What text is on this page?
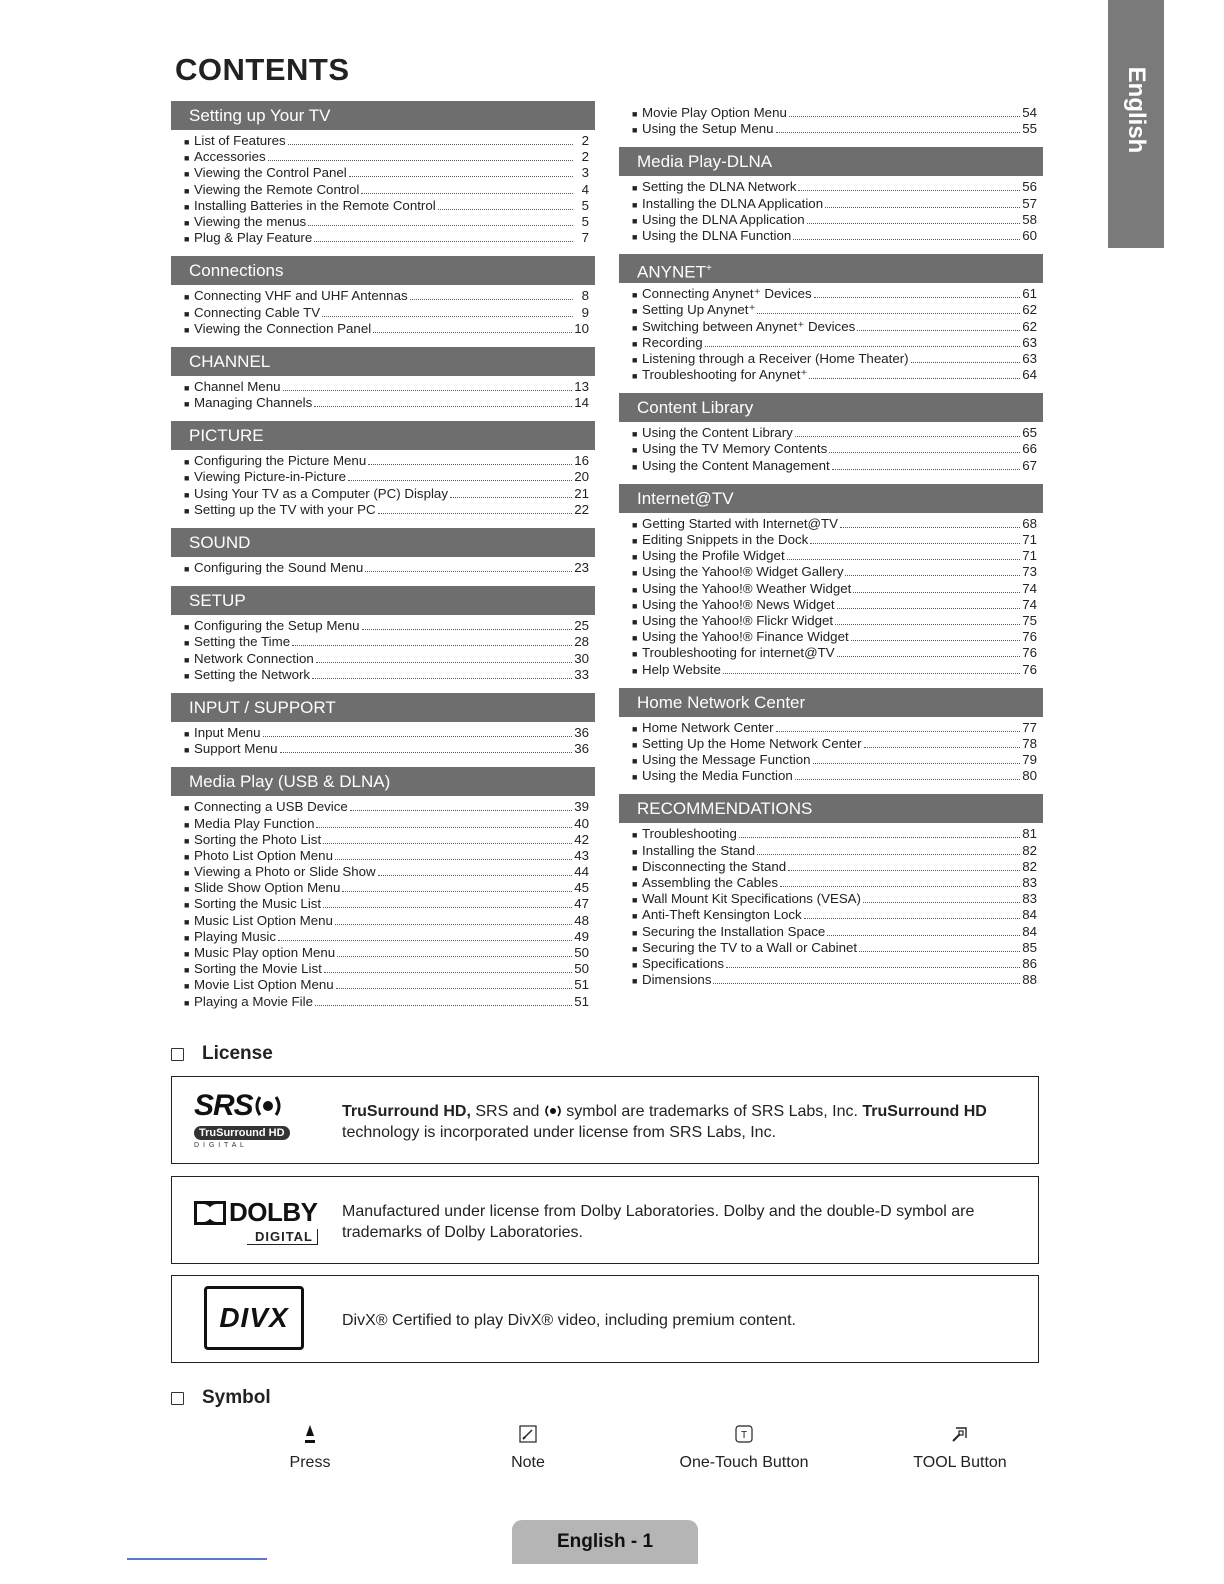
CONTENTS	English
Setting up Your TV
■ List of Features	2
■ Accessories	2
■ Viewing the Control Panel	3
■ Viewing the Remote Control	4
■ Installing Batteries in the Remote Control	5
■ Viewing the menus	5
■ Plug & Play Feature	7
Connections
■ Connecting VHF and UHF Antennas	8
■ Connecting Cable TV	9
■ Viewing the Connection Panel	10
CHANNEL
■ Channel Menu	13
■ Managing Channels	14
PICTURE
■ Configuring the Picture Menu	16
■ Viewing Picture-in-Picture	20
■ Using Your TV as a Computer (PC) Display	21
■ Setting up the TV with your PC	22
SOUND
■ Configuring the Sound Menu	23
SETUP
■ Configuring the Setup Menu	25
■ Setting the Time	28
■ Network Connection	30
■ Setting the Network	33
INPUT / SUPPORT
■ Input Menu	36
■ Support Menu	36
Media Play (USB & DLNA)
■ Connecting a USB Device	39
■ Media Play Function	40
■ Sorting the Photo List	42
■ Photo List Option Menu	43
■ Viewing a Photo or Slide Show	44
■ Slide Show Option Menu	45
■ Sorting the Music List	47
■ Music List Option Menu	48
■ Playing Music	49
■ Music Play option Menu	50
■ Sorting the Movie List	50
■ Movie List Option Menu	51
■ Playing a Movie File	51
■ Movie Play Option Menu	54
■ Using the Setup Menu	55
Media Play-DLNA
■ Setting the DLNA Network	56
■ Installing the DLNA Application	57
■ Using the DLNA Application	58
■ Using the DLNA Function	60
ANYNET+
■ Connecting Anynet⁺ Devices	61
■ Setting Up Anynet⁺	62
■ Switching between Anynet⁺ Devices	62
■ Recording	63
■ Listening through a Receiver (Home Theater)	63
■ Troubleshooting for Anynet⁺	64
Content Library
■ Using the Content Library	65
■ Using the TV Memory Contents	66
■ Using the Content Management	67
Internet@TV
■ Getting Started with Internet@TV	68
■ Editing Snippets in the Dock	71
■ Using the Profile Widget	71
■ Using the Yahoo!® Widget Gallery	73
■ Using the Yahoo!® Weather Widget	74
■ Using the Yahoo!® News Widget	74
■ Using the Yahoo!® Flickr Widget	75
■ Using the Yahoo!® Finance Widget	76
■ Troubleshooting for internet@TV	76
■ Help Website	76
Home Network Center
■ Home Network Center	77
■ Setting Up the Home Network Center	78
■ Using the Message Function	79
■ Using the Media Function	80
RECOMMENDATIONS
■ Troubleshooting	81
■ Installing the Stand	82
■ Disconnecting the Stand	82
■ Assembling the Cables	83
■ Wall Mount Kit Specifications (VESA)	83
■ Anti-Theft Kensington Lock	84
■ Securing the Installation Space	84
■ Securing the TV to a Wall or Cabinet	85
■ Specifications	86
■ Dimensions	88
License
SRS
TruSurround HD
D I G I T A L
TruSurround HD, SRS and  symbol are trademarks of SRS Labs, Inc. TruSurround HD
technology is incorporated under license from SRS Labs, Inc.
DOLBY
DIGITAL
Manufactured under license from Dolby Laboratories. Dolby and the double-D symbol are trademarks of Dolby Laboratories.
DIVX	DivX® Certified to play DivX® video, including premium content.
Symbol
Press	Note
T
One-Touch Button	TOOL Button
English - 1
